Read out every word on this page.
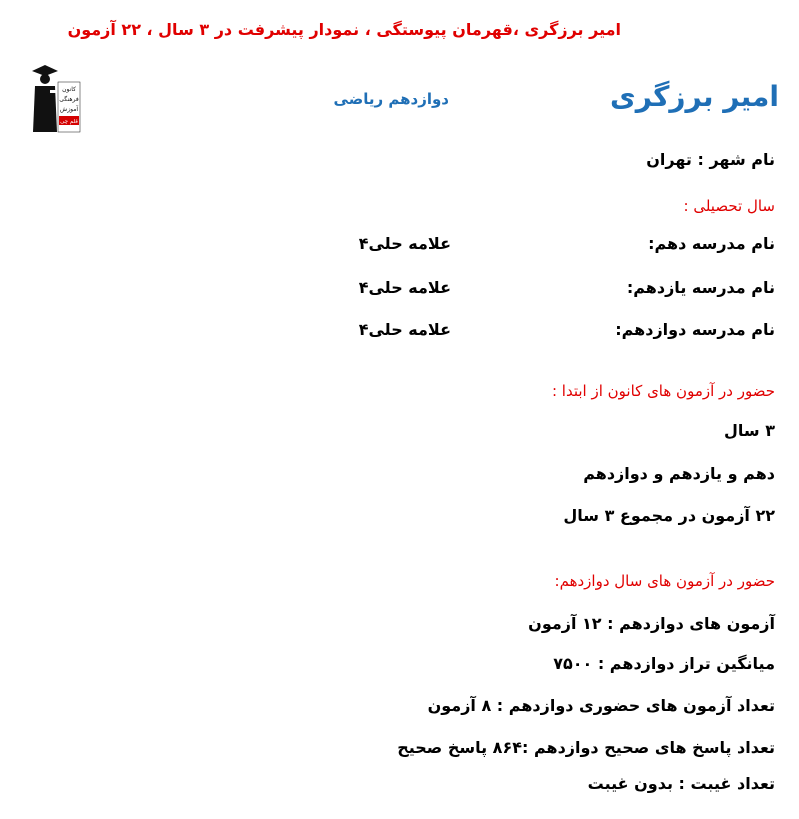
امیر برزگری ،قهرمان پیوستگی ، نمودار پیشرفت در ۳ سال ، ۲۲ آزمون
کانون
فرهنگی
آموزش
قلم چی
امیر برزگری
دوازدهم ریاضی
نام شهر : تهران
سال تحصیلی :
نام مدرسه دهم:
علامه حلی۴
نام مدرسه یازدهم:
علامه حلی۴
نام مدرسه دوازدهم:
علامه حلی۴
حضور در آزمون های کانون از ابتدا :
۳ سال
دهم و یازدهم و دوازدهم
۲۲ آزمون در مجموع ۳ سال
حضور در آزمون های سال دوازدهم:
آزمون های دوازدهم : ۱۲ آزمون
میانگین تراز دوازدهم : ۷۵۰۰
تعداد آزمون های حضوری دوازدهم : ۸ آزمون
تعداد پاسخ های صحیح دوازدهم :۸۶۴ پاسخ صحیح
تعداد غیبت : بدون غیبت
